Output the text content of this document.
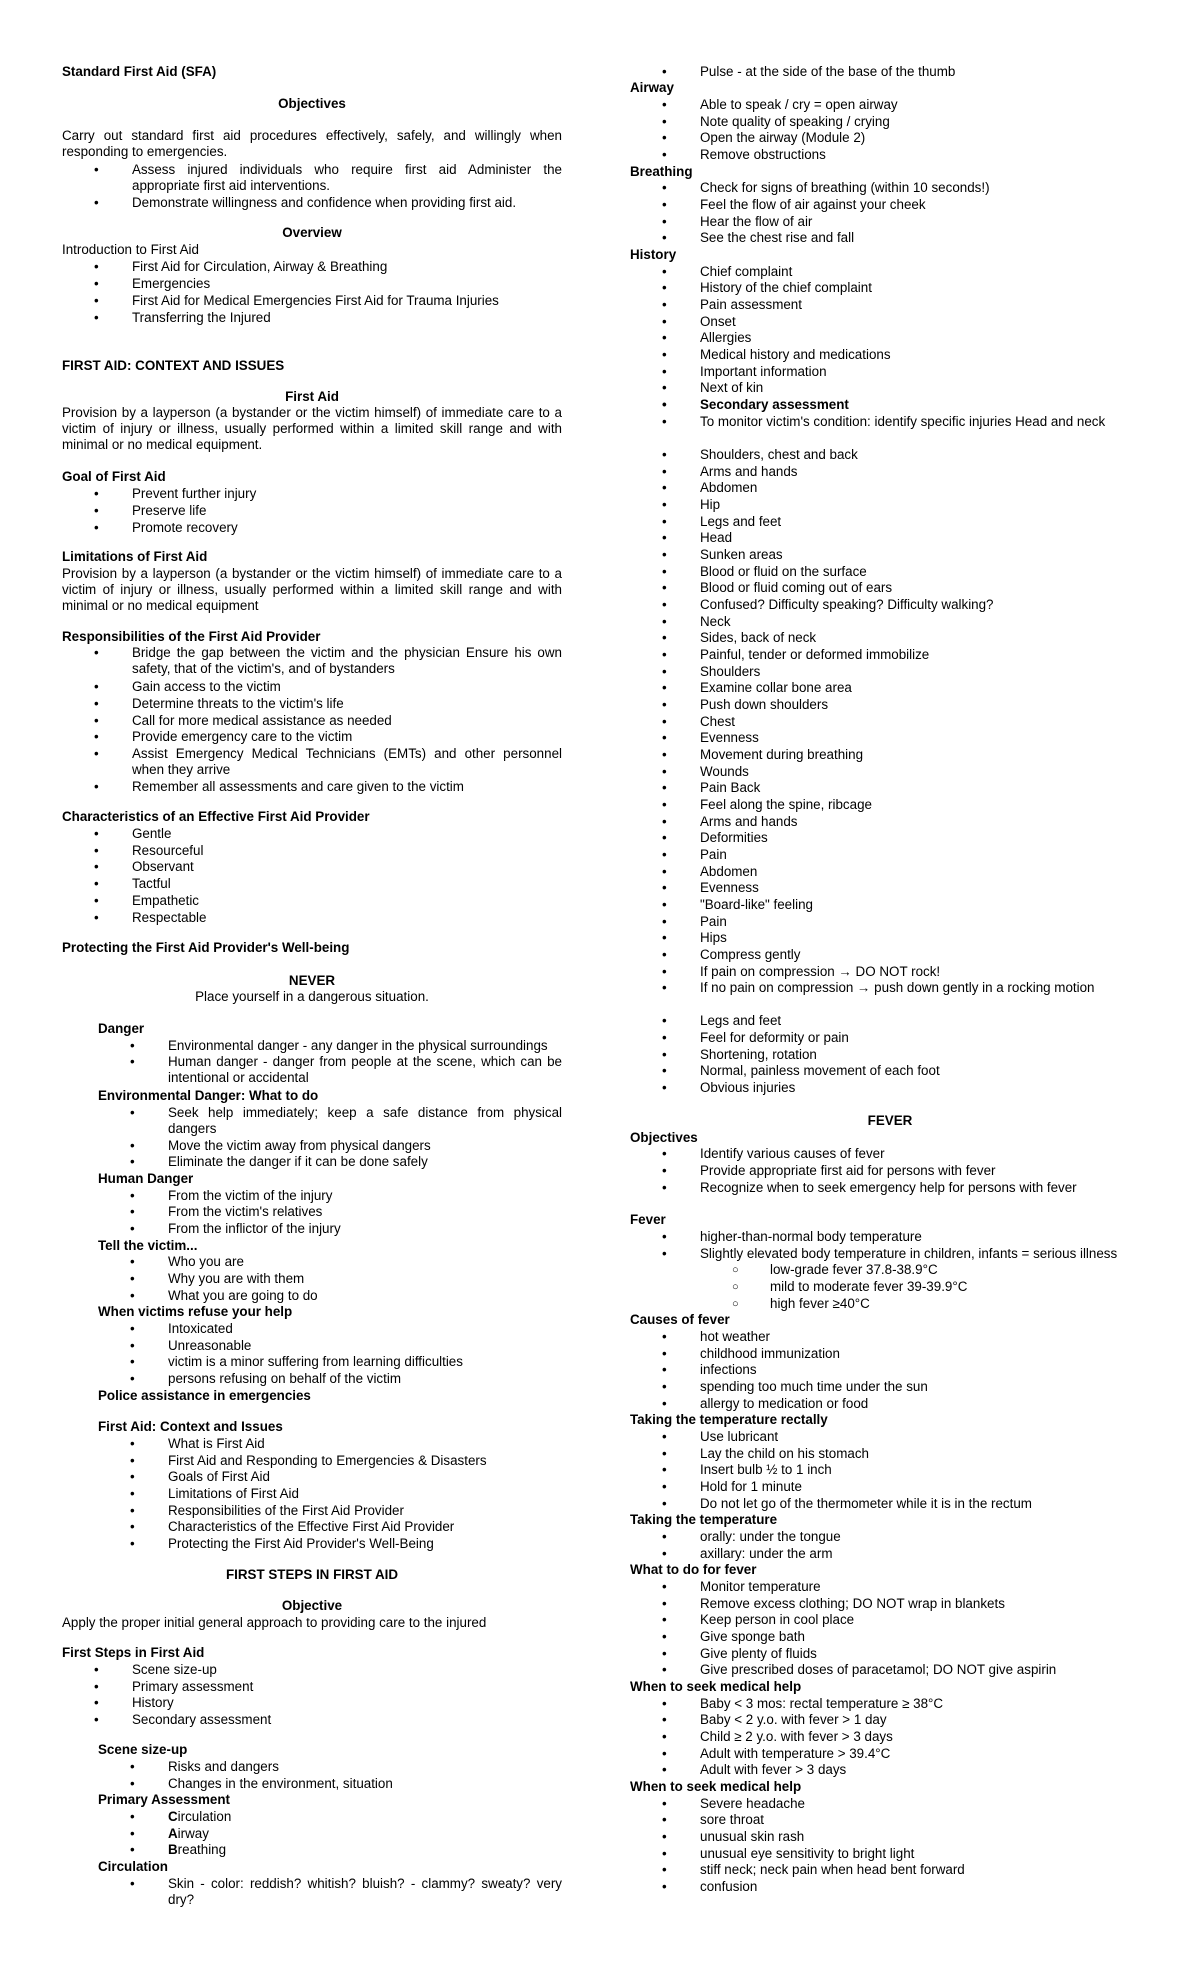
Standard First Aid (SFA)
Objectives
Carry out standard first aid procedures effectively, safely, and willingly when responding to emergencies.
• Assess injured individuals who require first aid Administer the appropriate first aid interventions.
• Demonstrate willingness and confidence when providing first aid.
Overview
Introduction to First Aid
• First Aid for Circulation, Airway & Breathing
• Emergencies
• First Aid for Medical Emergencies First Aid for Trauma Injuries
• Transferring the Injured
FIRST AID: CONTEXT AND ISSUES
First Aid
Provision by a layperson (a bystander or the victim himself) of immediate care to a victim of injury or illness, usually performed within a limited skill range and with minimal or no medical equipment.
Goal of First Aid
• Prevent further injury
• Preserve life
• Promote recovery
Limitations of First Aid
Provision by a layperson (a bystander or the victim himself) of immediate care to a victim of injury or illness, usually performed within a limited skill range and with minimal or no medical equipment
Responsibilities of the First Aid Provider
• Bridge the gap between the victim and the physician Ensure his own safety, that of the victim's, and of bystanders
• Gain access to the victim
• Determine threats to the victim's life
• Call for more medical assistance as needed
• Provide emergency care to the victim
• Assist Emergency Medical Technicians (EMTs) and other personnel when they arrive
• Remember all assessments and care given to the victim
Characteristics of an Effective First Aid Provider
• Gentle
• Resourceful
• Observant
• Tactful
• Empathetic
• Respectable
Protecting the First Aid Provider's Well-being
NEVER
Place yourself in a dangerous situation.
Danger
• Environmental danger - any danger in the physical surroundings
• Human danger - danger from people at the scene, which can be intentional or accidental
Environmental Danger: What to do
• Seek help immediately; keep a safe distance from physical dangers
• Move the victim away from physical dangers
• Eliminate the danger if it can be done safely
Human Danger
• From the victim of the injury
• From the victim's relatives
• From the inflictor of the injury
Tell the victim...
• Who you are
• Why you are with them
• What you are going to do
When victims refuse your help
• Intoxicated
• Unreasonable
• victim is a minor suffering from learning difficulties
• persons refusing on behalf of the victim
Police assistance in emergencies
First Aid: Context and Issues
• What is First Aid
• First Aid and Responding to Emergencies & Disasters
• Goals of First Aid
• Limitations of First Aid
• Responsibilities of the First Aid Provider
• Characteristics of the Effective First Aid Provider
• Protecting the First Aid Provider's Well-Being
FIRST STEPS IN FIRST AID
Objective
Apply the proper initial general approach to providing care to the injured
First Steps in First Aid
• Scene size-up
• Primary assessment
• History
• Secondary assessment
Scene size-up
• Risks and dangers
• Changes in the environment, situation
Primary Assessment
• Circulation
• Airway
• Breathing
Circulation
• Skin - color: reddish? whitish? bluish? - clammy? sweaty? very dry?
• Pulse - at the side of the base of the thumb
Airway
• Able to speak / cry = open airway
• Note quality of speaking / crying
• Open the airway (Module 2)
• Remove obstructions
Breathing
• Check for signs of breathing (within 10 seconds!)
• Feel the flow of air against your cheek
• Hear the flow of air
• See the chest rise and fall
History
• Chief complaint
• History of the chief complaint
• Pain assessment
• Onset
• Allergies
• Medical history and medications
• Important information
• Next of kin
• Secondary assessment
• To monitor victim's condition: identify specific injuries Head and neck
• Shoulders, chest and back
• Arms and hands
• Abdomen
• Hip
• Legs and feet
• Head
• Sunken areas
• Blood or fluid on the surface
• Blood or fluid coming out of ears
• Confused? Difficulty speaking? Difficulty walking?
• Neck
• Sides, back of neck
• Painful, tender or deformed immobilize
• Shoulders
• Examine collar bone area
• Push down shoulders
• Chest
• Evenness
• Movement during breathing
• Wounds
• Pain Back
• Feel along the spine, ribcage
• Arms and hands
• Deformities
• Pain
• Abdomen
• Evenness
• "Board-like" feeling
• Pain
• Hips
• Compress gently
• If pain on compression → DO NOT rock!
• If no pain on compression → push down gently in a rocking motion
• Legs and feet
• Feel for deformity or pain
• Shortening, rotation
• Normal, painless movement of each foot
• Obvious injuries
FEVER
Objectives
• Identify various causes of fever
• Provide appropriate first aid for persons with fever
• Recognize when to seek emergency help for persons with fever
Fever
• higher-than-normal body temperature
• Slightly elevated body temperature in children, infants = serious illness
○ low-grade fever 37.8-38.9°C
○ mild to moderate fever 39-39.9°C
○ high fever ≥40°C
Causes of fever
• hot weather
• childhood immunization
• infections
• spending too much time under the sun
• allergy to medication or food
Taking the temperature rectally
• Use lubricant
• Lay the child on his stomach
• Insert bulb ½ to 1 inch
• Hold for 1 minute
• Do not let go of the thermometer while it is in the rectum
Taking the temperature
• orally: under the tongue
• axillary: under the arm
What to do for fever
• Monitor temperature
• Remove excess clothing; DO NOT wrap in blankets
• Keep person in cool place
• Give sponge bath
• Give plenty of fluids
• Give prescribed doses of paracetamol; DO NOT give aspirin
When to seek medical help
• Baby < 3 mos: rectal temperature ≥ 38°C
• Baby < 2 y.o. with fever > 1 day
• Child ≥ 2 y.o. with fever > 3 days
• Adult with temperature > 39.4°C
• Adult with fever > 3 days
When to seek medical help
• Severe headache
• sore throat
• unusual skin rash
• unusual eye sensitivity to bright light
• stiff neck; neck pain when head bent forward
• confusion
